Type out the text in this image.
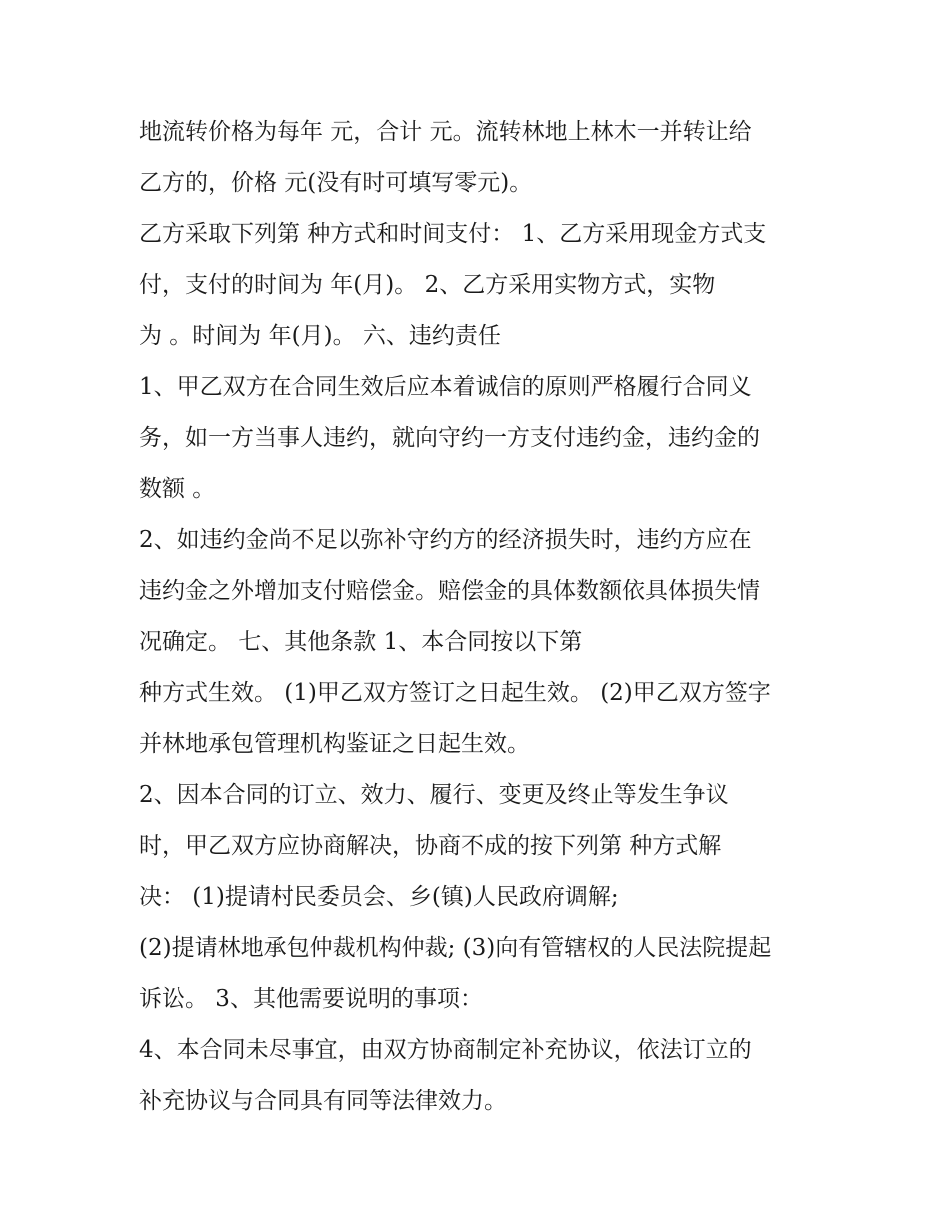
地流转价格为每年 元，合计 元。流转林地上林木一并转让给
乙方的，价格 元(没有时可填写零元)。
乙方采取下列第 种方式和时间支付： 1、乙方采用现金方式支
付，支付的时间为 年(月)。 2、乙方采用实物方式，实物
为 。时间为 年(月)。 六、违约责任
1、甲乙双方在合同生效后应本着诚信的原则严格履行合同义
务，如一方当事人违约，就向守约一方支付违约金，违约金的
数额 。
2、如违约金尚不足以弥补守约方的经济损失时，违约方应在
违约金之外增加支付赔偿金。赔偿金的具体数额依具体损失情
况确定。 七、其他条款 1、本合同按以下第
种方式生效。 (1)甲乙双方签订之日起生效。 (2)甲乙双方签字
并林地承包管理机构鉴证之日起生效。
2、因本合同的订立、效力、履行、变更及终止等发生争议
时，甲乙双方应协商解决，协商不成的按下列第 种方式解
决： (1)提请村民委员会、乡(镇)人民政府调解;
(2)提请林地承包仲裁机构仲裁; (3)向有管辖权的人民法院提起
诉讼。 3、其他需要说明的事项：
4、本合同未尽事宜，由双方协商制定补充协议，依法订立的
补充协议与合同具有同等法律效力。
